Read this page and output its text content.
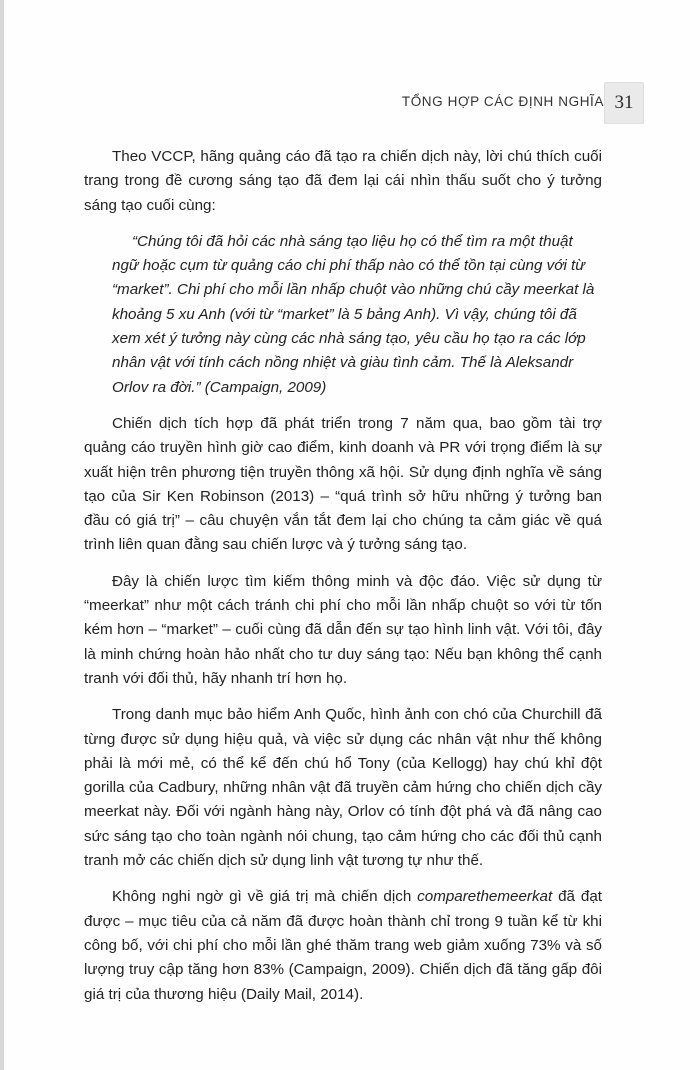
TỔNG HỢP CÁC ĐỊNH NGHĨA 31

Theo VCCP, hãng quảng cáo đã tạo ra chiến dịch này, lời chú thích cuối trang trong đề cương sáng tạo đã đem lại cái nhìn thấu suốt cho ý tưởng sáng tạo cuối cùng:

“Chúng tôi đã hỏi các nhà sáng tạo liệu họ có thể tìm ra một thuật ngữ hoặc cụm từ quảng cáo chi phí thấp nào có thể tồn tại cùng với từ “market”. Chi phí cho mỗi lần nhấp chuột vào những chú cầy meerkat là khoảng 5 xu Anh (với từ “market” là 5 bảng Anh). Vì vậy, chúng tôi đã xem xét ý tưởng này cùng các nhà sáng tạo, yêu cầu họ tạo ra các lớp nhân vật với tính cách nồng nhiệt và giàu tình cảm. Thế là Aleksandr Orlov ra đời.” (Campaign, 2009)

Chiến dịch tích hợp đã phát triển trong 7 năm qua, bao gồm tài trợ quảng cáo truyền hình giờ cao điểm, kinh doanh và PR với trọng điểm là sự xuất hiện trên phương tiện truyền thông xã hội. Sử dụng định nghĩa về sáng tạo của Sir Ken Robinson (2013) – “quá trình sở hữu những ý tưởng ban đầu có giá trị” – câu chuyện vắn tắt đem lại cho chúng ta cảm giác về quá trình liên quan đằng sau chiến lược và ý tưởng sáng tạo.

Đây là chiến lược tìm kiếm thông minh và độc đáo. Việc sử dụng từ “meerkat” như một cách tránh chi phí cho mỗi lần nhấp chuột so với từ tốn kém hơn – “market” – cuối cùng đã dẫn đến sự tạo hình linh vật. Với tôi, đây là minh chứng hoàn hảo nhất cho tư duy sáng tạo: Nếu bạn không thể cạnh tranh với đối thủ, hãy nhanh trí hơn họ.

Trong danh mục bảo hiểm Anh Quốc, hình ảnh con chó của Churchill đã từng được sử dụng hiệu quả, và việc sử dụng các nhân vật như thế không phải là mới mẻ, có thể kể đến chú hổ Tony (của Kellogg) hay chú khỉ đột gorilla của Cadbury, những nhân vật đã truyền cảm hứng cho chiến dịch cầy meerkat này. Đối với ngành hàng này, Orlov có tính đột phá và đã nâng cao sức sáng tạo cho toàn ngành nói chung, tạo cảm hứng cho các đối thủ cạnh tranh mở các chiến dịch sử dụng linh vật tương tự như thế.

Không nghi ngờ gì về giá trị mà chiến dịch comparethemeerkat đã đạt được – mục tiêu của cả năm đã được hoàn thành chỉ trong 9 tuần kể từ khi công bố, với chi phí cho mỗi lần ghé thăm trang web giảm xuống 73% và số lượng truy cập tăng hơn 83% (Campaign, 2009). Chiến dịch đã tăng gấp đôi giá trị của thương hiệu (Daily Mail, 2014).
